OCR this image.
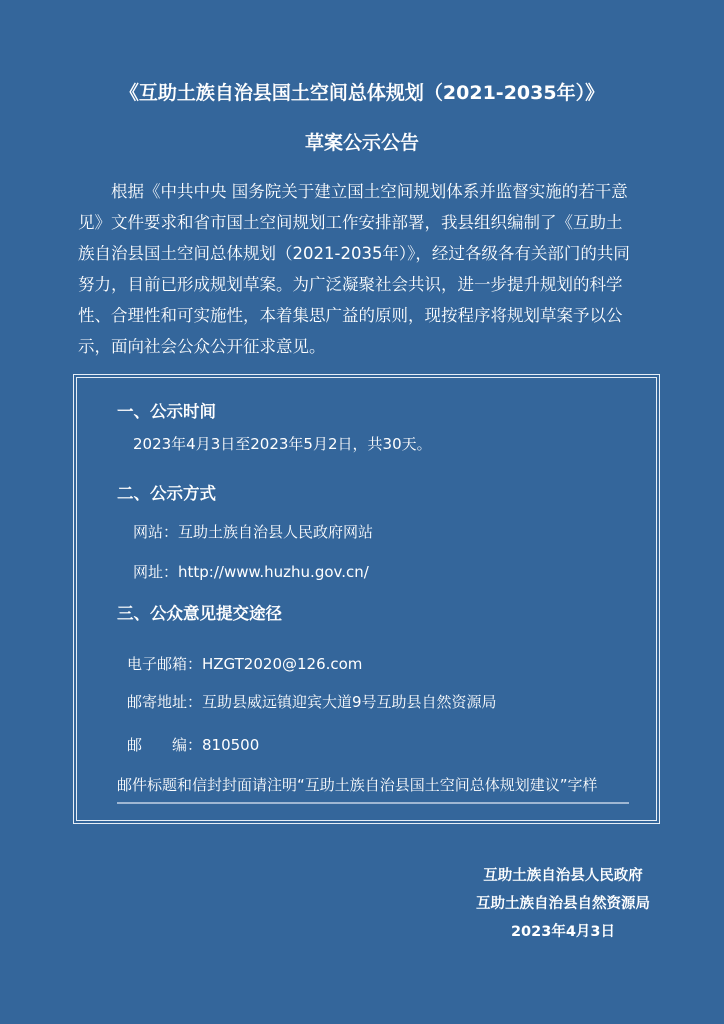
《互助土族自治县国土空间总体规划（2021-2035年）》
草案公示公告
　　根据《中共中央 国务院关于建立国土空间规划体系并监督实施的若干意
见》文件要求和省市国土空间规划工作安排部署，我县组织编制了《互助土
族自治县国土空间总体规划（2021-2035年）》，经过各级各有关部门的共同
努力，目前已形成规划草案。为广泛凝聚社会共识，进一步提升规划的科学
性、合理性和可实施性，本着集思广益的原则，现按程序将规划草案予以公
示，面向社会公众公开征求意见。
一、公示时间
2023年4月3日至2023年5月2日，共30天。
二、公示方式
网站：互助土族自治县人民政府网站
网址：http://www.huzhu.gov.cn/
三、公众意见提交途径
电子邮箱：HZGT2020@126.com
邮寄地址：互助县威远镇迎宾大道9号互助县自然资源局
邮　　编：810500
邮件标题和信封封面请注明“互助土族自治县国土空间总体规划建议”字样
互助土族自治县人民政府
互助土族自治县自然资源局
2023年4月3日
